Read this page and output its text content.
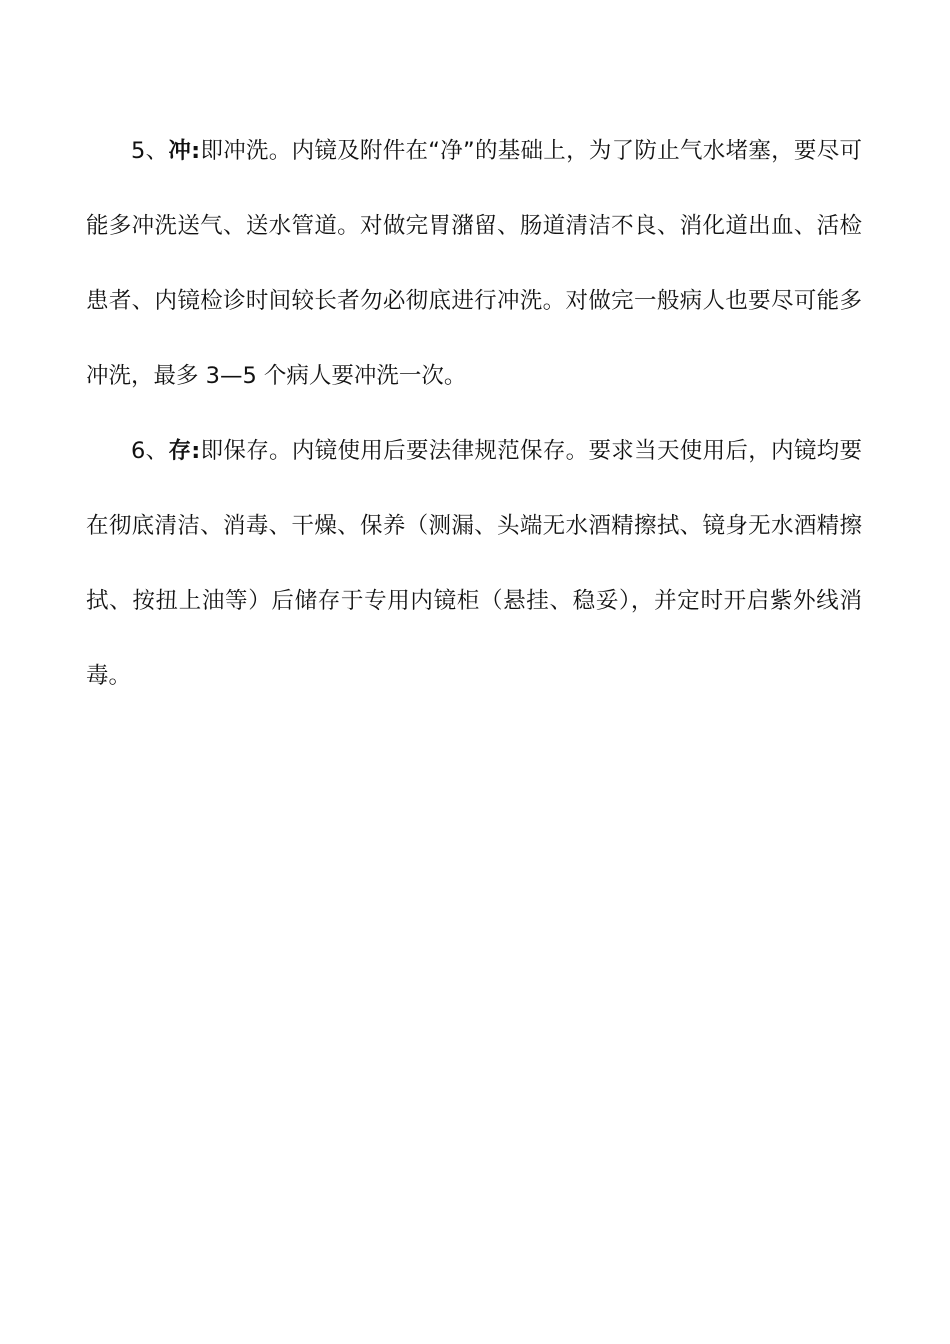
5、冲:即冲洗。内镜及附件在“净”的基础上，为了防止气水堵塞，要尽可能多冲洗送气、送水管道。对做完胃潴留、肠道清洁不良、消化道出血、活检患者、内镜检诊时间较长者勿必彻底进行冲洗。对做完一般病人也要尽可能多冲洗，最多 3—5 个病人要冲洗一次。

6、存:即保存。内镜使用后要法律规范保存。要求当天使用后，内镜均要在彻底清洁、消毒、干燥、保养（测漏、头端无水酒精擦拭、镜身无水酒精擦拭、按扭上油等）后储存于专用内镜柜（悬挂、稳妥），并定时开启紫外线消毒。
